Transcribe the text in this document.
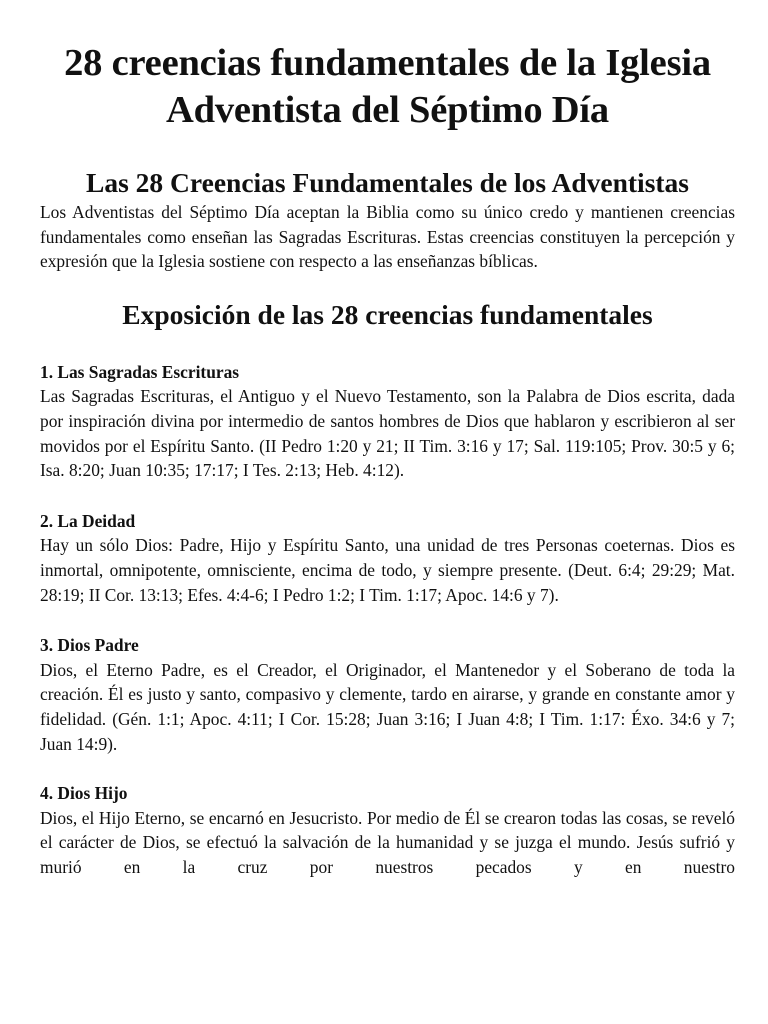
28 creencias fundamentales de la Iglesia Adventista del Séptimo Día
Las 28 Creencias Fundamentales de los Adventistas

Los Adventistas del Séptimo Día aceptan la Biblia como su único credo y mantienen creencias fundamentales como enseñan las Sagradas Escrituras. Estas creencias constituyen la percepción y expresión que la Iglesia sostiene con respecto a las enseñanzas bíblicas.

Exposición de las 28 creencias fundamentales
1. Las Sagradas Escrituras

Las Sagradas Escrituras, el Antiguo y el Nuevo Testamento, son la Palabra de Dios escrita, dada por inspiración divina por intermedio de santos hombres de Dios que hablaron y escribieron al ser movidos por el Espíritu Santo. (II Pedro 1:20 y 21; II Tim. 3:16 y 17; Sal. 119:105; Prov. 30:5 y 6; Isa. 8:20; Juan 10:35; 17:17; I Tes. 2:13; Heb. 4:12).

2. La Deidad

Hay un sólo Dios: Padre, Hijo y Espíritu Santo, una unidad de tres Personas coeternas. Dios es inmortal, omnipotente, omnisciente, encima de todo, y siempre presente. (Deut. 6:4; 29:29; Mat. 28:19; II Cor. 13:13; Efes. 4:4-6; I Pedro 1:2; I Tim. 1:17; Apoc. 14:6 y 7).

3. Dios Padre

Dios, el Eterno Padre, es el Creador, el Originador, el Mantenedor y el Soberano de toda la creación. Él es justo y santo, compasivo y clemente, tardo en airarse, y grande en constante amor y fidelidad. (Gén. 1:1; Apoc. 4:11; I Cor. 15:28; Juan 3:16; I Juan 4:8; I Tim. 1:17: Éxo. 34:6 y 7; Juan 14:9).

4. Dios Hijo

Dios, el Hijo Eterno, se encarnó en Jesucristo. Por medio de Él se crearon todas las cosas, se reveló el carácter de Dios, se efectuó la salvación de la humanidad y se juzga el mundo. Jesús sufrió y murió en la cruz por nuestros pecados y en nuestro
